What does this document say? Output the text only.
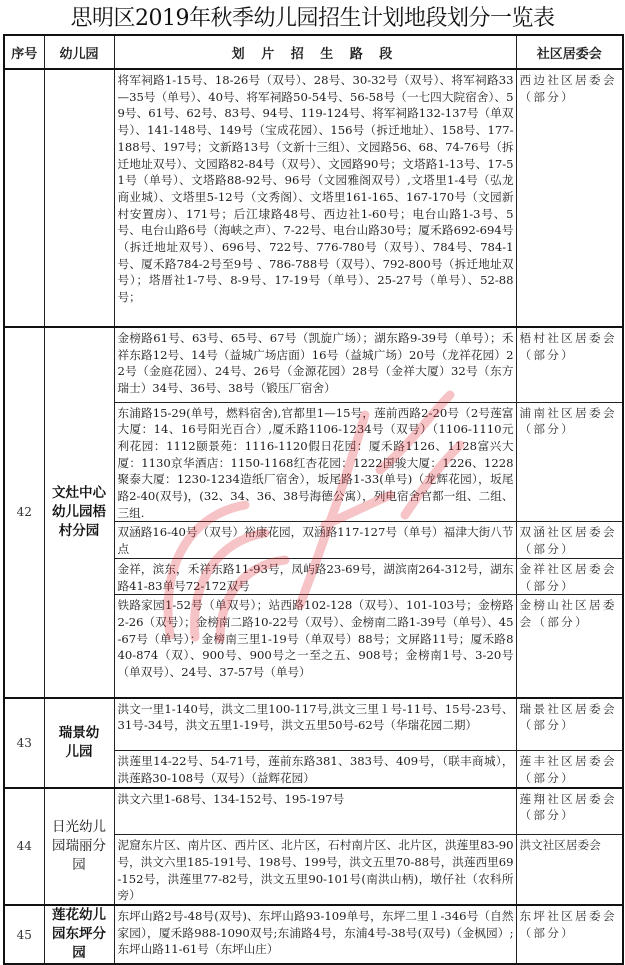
思明区2019年秋季幼儿园招生计划地段划分一览表
序号	幼儿园	划 片 招 生 路 段	社区居委会
		将军祠路1-15号、18-26号（双号）、28号、30-32号（双号）、将军祠路33—35号（单号）、40号、将军祠路50-54号、56-58号（一七四大院宿舍）、59号、61号、62号、83号、94号、119-124号、将军祠路132-137号（单双号）、141-148号、149号（宝成花园）、156号（拆迁地址）、158号、177-188号、197号；文新路13号（文新十三组）、文园路56、68、74-76号（拆迁地址双号）、文园路82-84号（双号）、文园路90号；文塔路1-13号、17-51号（单号）、文塔路88-92号、96号（文园雅阁双号）,文塔里1-4号（弘龙商业城）、文塔里5-12号（文秀阁）、文塔里161-165、167-170号（文园新村安置房）、171号；后江埭路48号、西边社1-60号；电台山路1-3号、5号、电台山路6号（海峡之声）、7-22号、电台山路30号；厦禾路692-694号（拆迁地址双号）、696号、722号、776-780号（双号）、784号、784-1号、厦禾路784-2号至9号 、786-788号（双号）、792-800号（拆迁地址双号）；塔厝社1-7号、8-9号、17-19号（单号）、25-27号（单号）、52-88号；	西边社区居委会（部分）
42	文灶中心幼儿园梧村分园	金榜路61号、63号、65号、67号（凯旋广场）；湖东路9-39号（单号）；禾祥东路12号、14号（益城广场店面）16号（益城广场）20号（龙祥花园）22号（金庭花园）、24号、26号（金源花园）28号（金祥大厦）32号（东方瑞士）34号、36号、38号（锻压厂宿舍）	梧村社区居委会（部分）
		东浦路15-29(单号，燃料宿舍),官都里1—15号，莲前西路2-20号（2号莲富大厦：14、16号阳光百合）,厦禾路1106-1234号（双号）（1106-1110元利花园：1112颐景苑：1116-1120假日花园：厦禾路1126、1128富兴大厦：1130京华酒店：1150-1168红杏花园：1222国骏大厦：1226、1228聚泰大厦：1230-1234造纸厂宿舍），坂尾路1-33(单号)（龙辉花园），坂尾路2-40(双号)，(32、34、36、38号海德公寓），列电宿舍官都一组、二组、三组.	浦南社区居委会（部分）
		双涵路16-40号（双号）裕康花园，双涵路117-127号（单号）福津大街八节点	双涵社区居委会（部分）
		金祥，滨东，禾祥东路11-93号，凤屿路23-69号，湖滨南264-312号，湖东路41-83单号72-172双号	金祥社区居委会（部分）
		铁路家园1-52号（单双号）；站西路102-128（双号）、101-103号；金榜路2-26（双号）；金榜南二路10-22号（双号）、金榜南二路1-39号（单号）、45-67号（单号）；金榜南三里1-19号（单双号）88号；文屏路11号；厦禾路840-874（双）、900号、900号之一至之五、908号；金榜南1号、3-20号（单双号）、24号、37-57号（单号）	金榜山社区居委会（部分）
43	瑞景幼儿园	洪文一里1-140号，洪文二里100-117号,洪文三里１号-11号、15号-23号、31号-34号，洪文五里1-19号，洪文五里50号-62号（华瑞花园二期）	瑞景社区居委会（部分）
		洪莲里14-22号、54-71号，莲前东路381、383号、409号，（联丰商城），洪莲路30-108号（双号）（益辉花园）	莲丰社区居委会（部分）
44	日光幼儿园瑞丽分园	洪文六里1-68号、134-152号、195-197号	莲翔社区居委会（部分）
		泥窟东片区、南片区、西片区、北片区，石村南片区、北片区，洪莲里83-90号，洪文六里185-191号、198号、199号，洪文五里70-88号，洪莲西里69-152号，洪莲里77-82号，洪文五里90-101号(南洪山柄)，墩仔社（农科所旁）	洪文社区居委会
45	莲花幼儿园东坪分园	东坪山路2号-48号(双号)、东坪山路93-109单号，东坪二里１-346号（自然家园），厦禾路988-1090双号;东浦路4号，东浦4号-38号(双号)（金枫园）;东坪山路11-61号（东坪山庄）	东坪社区居委会（部分）
